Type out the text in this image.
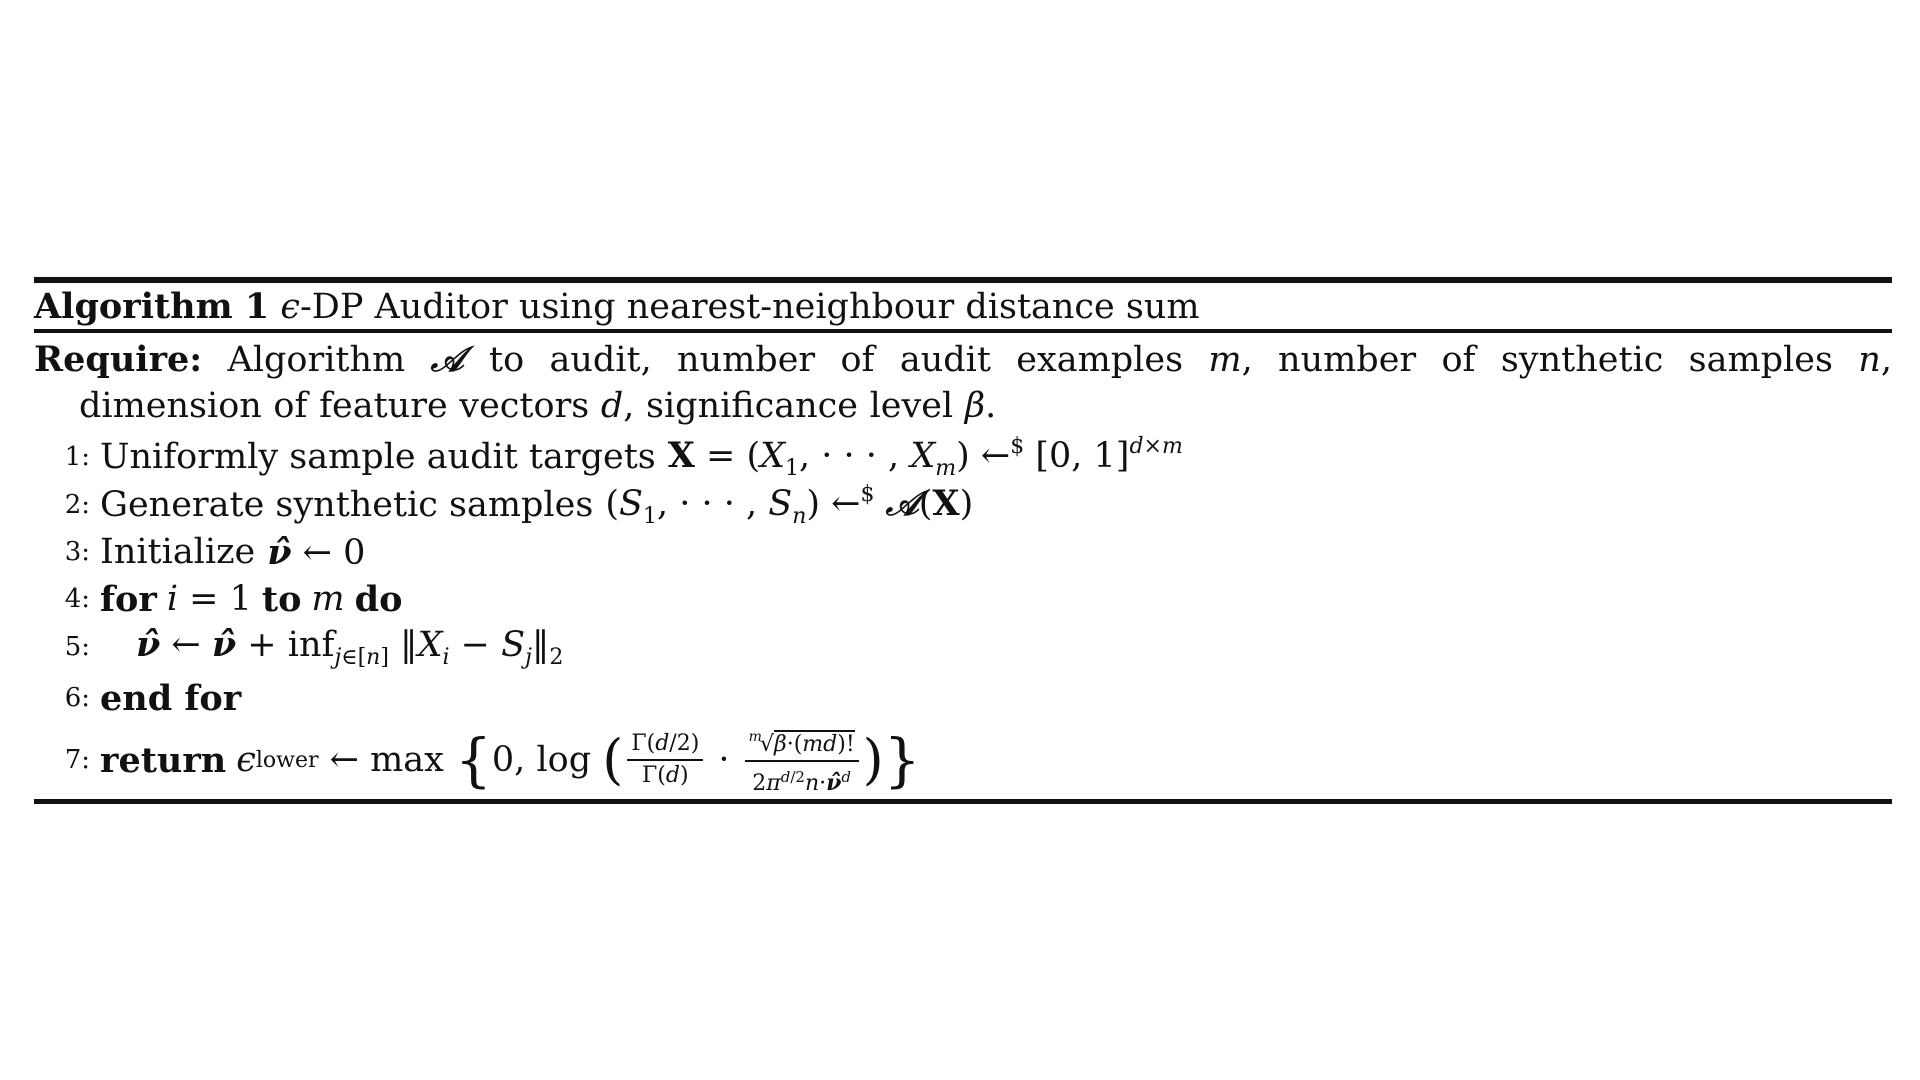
Algorithm 1 ϵ-DP Auditor using nearest-neighbour distance sum
Require: Algorithm 𝒜 to audit, number of audit examples m, number of synthetic samples n, dimension of feature vectors d, significance level β.
1: Uniformly sample audit targets $X = (X_1$, · · · , $X_m$) ←$ [0, 1]$^{d\times m}$
2: Generate synthetic samples ($S_1$, · · · , $S_n$) ←$ 𝒜(X)
3: Initialize ν̂ ← 0
4: for i = 1 to m do
5: ν̂ ← ν̂ + inf$_{j\in[n]}$ $‖X_i$ − $S_j‖_2$
6: end for
7: return ϵ lower ← max
{ 0, log
( $\frac{\Gamma(d/2)}{\Gamma(d)} \cdot \frac{^m√\beta\cdot(md)!}{2\pi^{d/2}n\cdot\nû^d}$ ) }
